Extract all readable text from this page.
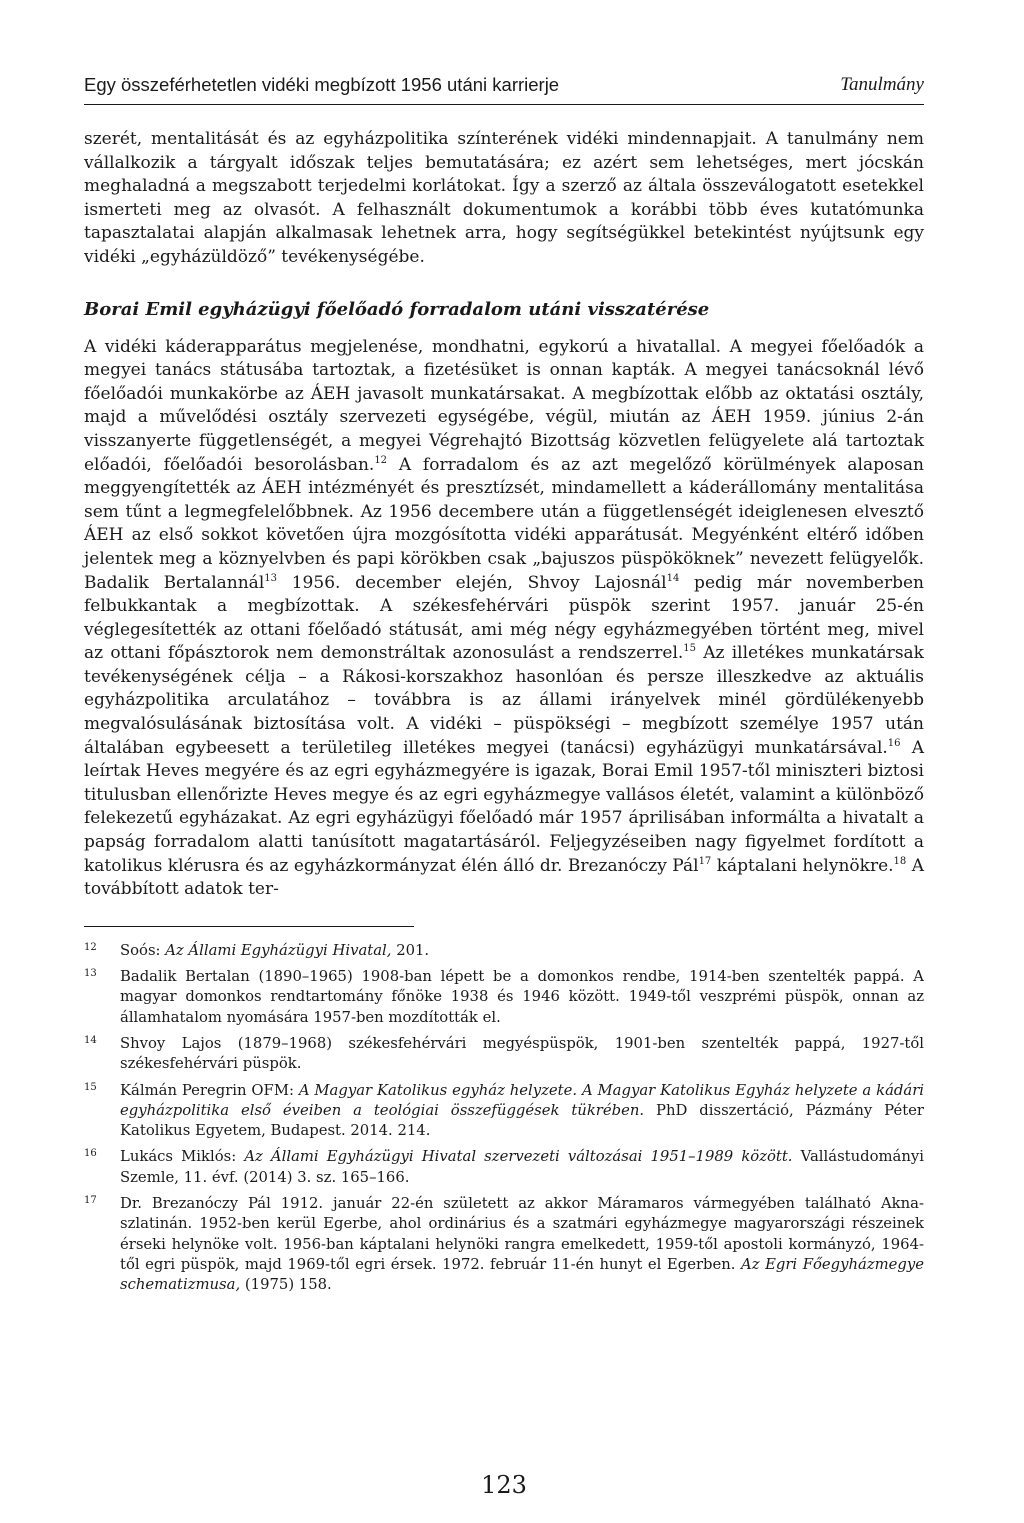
Egy összeférhetetlen vidéki megbízott 1956 utáni karrierje	Tanulmány

szerét, mentalitását és az egyházpolitika színterének vidéki mindennapjait. A tanulmány nem vállalkozik a tárgyalt időszak teljes bemutatására; ez azért sem lehetséges, mert jócskán meghaladná a megszabott terjedelmi korlátokat. Így a szerző az általa összeválogatott esetekkel ismerteti meg az olvasót. A felhasznált dokumentumok a korábbi több éves kutatómunka tapasztalatai alapján alkalmasak lehetnek arra, hogy segítségükkel betekintést nyújtsunk egy vidéki „egyházüldöző” tevékenységébe.

Borai Emil egyházügyi főelőadó forradalom utáni visszatérése

A vidéki káderapparátus megjelenése, mondhatni, egykorú a hivatallal. A megyei főelőadók a megyei tanács státusába tartoztak, a fizetésüket is onnan kapták. A megyei tanácsoknál lévő főelőadói munkakörbe az ÁEH javasolt munkatársakat. A megbízottak előbb az oktatási osztály, majd a művelődési osztály szervezeti egységébe, végül, miután az ÁEH 1959. június 2-án visszanyerte függetlenségét, a megyei Végrehajtó Bizottság közvetlen felügyelete alá tartoztak előadói, főelőadói besorolásban.$^{12}$ A forradalom és az azt megelőző körülmények alaposan meggyengítették az ÁEH intézményét és presztízsét, mindamellett a káderállomány mentalitása sem tűnt a legmegfelelőbbnek. Az 1956 decembere után a függetlenségét ideiglenesen elvesztő ÁEH az első sokkot követően újra mozgósította vidéki apparátusát. Megyénként eltérő időben jelentek meg a köznyelvben és papi körökben csak „bajuszos püspököknek” nevezett felügyelők. Badalik Bertalannál$^{13}$ 1956. december elején, Shvoy Lajosnál$^{14}$ pedig már novemberben felbukkantak a megbízottak. A székesfehérvári püspök szerint 1957. január 25-én véglegesítették az ottani főelőadó státusát, ami még négy egyházmegyében történt meg, mivel az ottani főpásztorok nem demonstráltak azonosulást a rendszerrel.$^{15}$ Az illetékes munkatársak tevékenységének célja – a Rákosi-korszakhoz hasonlóan és persze illeszkedve az aktuális egyházpolitika arculatához – továbbra is az állami irányelvek minél gördülékenyebb megvalósulásának biztosítása volt. A vidéki – püspökségi – megbízott személye 1957 után általában egybeesett a területileg illetékes megyei (tanácsi) egyházügyi munkatársával.$^{16}$ A leírtak Heves megyére és az egri egyházmegyére is igazak, Borai Emil 1957-től miniszteri biztosi titulusban ellenőrizte Heves megye és az egri egyházmegye vallásos életét, valamint a különböző felekezetű egyházakat. Az egri egyházügyi főelőadó már 1957 áprilisában informálta a hivatalt a papság forradalom alatti tanúsított magatartásáról. Feljegyzéseiben nagy figyelmet fordított a katolikus klérusra és az egyházkormányzat élén álló dr. Brezanóczy Pál$^{17}$ káptalani helynökre.$^{18}$ A továbbított adatok ter-

12 Soós: Az Állami Egyházügyi Hivatal, 201.
13 Badalik Bertalan (1890–1965) 1908-ban lépett be a domonkos rendbe, 1914-ben szentelték pappá. A magyar domonkos rendtartomány főnöke 1938 és 1946 között. 1949-től veszprémi püspök, onnan az államhatalom nyomására 1957-ben mozdították el.
14 Shvoy Lajos (1879–1968) székesfehérvári megyéspüspök, 1901-ben szentelték pappá, 1927-től székesfehérvári püspök.
15 Kálmán Peregrin OFM: A Magyar Katolikus egyház helyzete. A Magyar Katolikus Egyház helyzete a kádári egyházpolitika első éveiben a teológiai összefüggések tükrében. PhD disszertáció, Pázmány Péter Katolikus Egyetem, Budapest. 2014. 214.
16 Lukács Miklós: Az Állami Egyházügyi Hivatal szervezeti változásai 1951–1989 között. Vallástudományi Szemle, 11. évf. (2014) 3. sz. 165–166.
17 Dr. Brezanóczy Pál 1912. január 22-én született az akkor Máramaros vármegyében található Aknaszlatinán. 1952-ben kerül Egerbe, ahol ordinárius és a szatmári egyházmegye magyarországi részeinek érseki helynöke volt. 1956-ban káptalani helynöki rangra emelkedett, 1959-től apostoli kormányzó, 1964-től egri püspök, majd 1969-től egri érsek. 1972. február 11-én hunyt el Egerben. Az Egri Főegyházmegye schematizmusa, (1975) 158.
123
